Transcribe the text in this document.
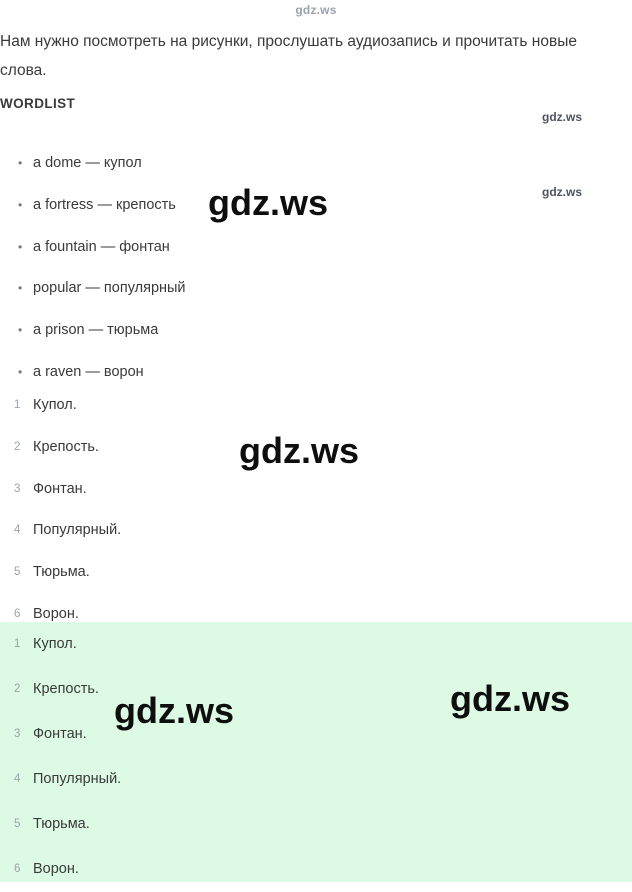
gdz.ws
Нам нужно посмотреть на рисунки, прослушать аудиозапись и прочитать новые слова.
WORDLIST
• a dome — купол
• a fortress — крепость
• a fountain — фонтан
• popular — популярный
• a prison — тюрьма
• a raven — ворон
1 Купол.
2 Крепость.
3 Фонтан.
4 Популярный.
5 Тюрьма.
6 Ворон.
1 Купол.
2 Крепость.
3 Фонтан.
4 Популярный.
5 Тюрьма.
6 Ворон.
gdz.ws
gdz.ws
gdz.ws
gdz.ws
gdz.ws	gdz.ws
